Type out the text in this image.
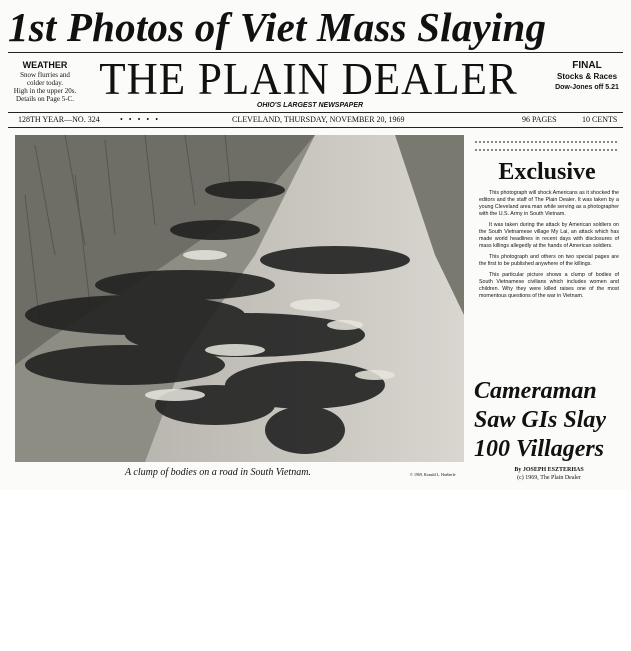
1st Photos of Viet Mass Slaying
WEATHER
Snow flurries and
colder today.
High in the upper 20s.
Details on Page 5-C. THE PLAIN DEALER	FINAL
Stocks & Races
Dow-Jones off 5.21
OHIO'S LARGEST NEWSPAPER
128TH YEAR—NO. 324	• • • • •	CLEVELAND, THURSDAY, NOVEMBER 20, 1969	96 PAGES	10 CENTS
A clump of bodies on a road in South Vietnam.	© 1969, Ronald L. Haeberle
Exclusive

This photograph will shock Americans as it shocked the editors and the staff of The Plain Dealer. It was taken by a young Cleveland area man while serving as a photographer with the U.S. Army in South Vietnam.

It was taken during the attack by American soldiers on the South Vietnamese village My Lai, an attack which has made world headlines in recent days with disclosures of mass killings allegedly at the hands of American soldiers.

This photograph and others on two special pages are the first to be published anywhere of the killings.

This particular picture shows a clump of bodies of South Vietnamese civilians which includes women and children. Why they were killed raises one of the most momentous questions of the war in Vietnam.

Cameraman
Saw GIs Slay
100 Villagers
By JOSEPH ESZTERHAS
(c) 1969, The Plain Dealer
